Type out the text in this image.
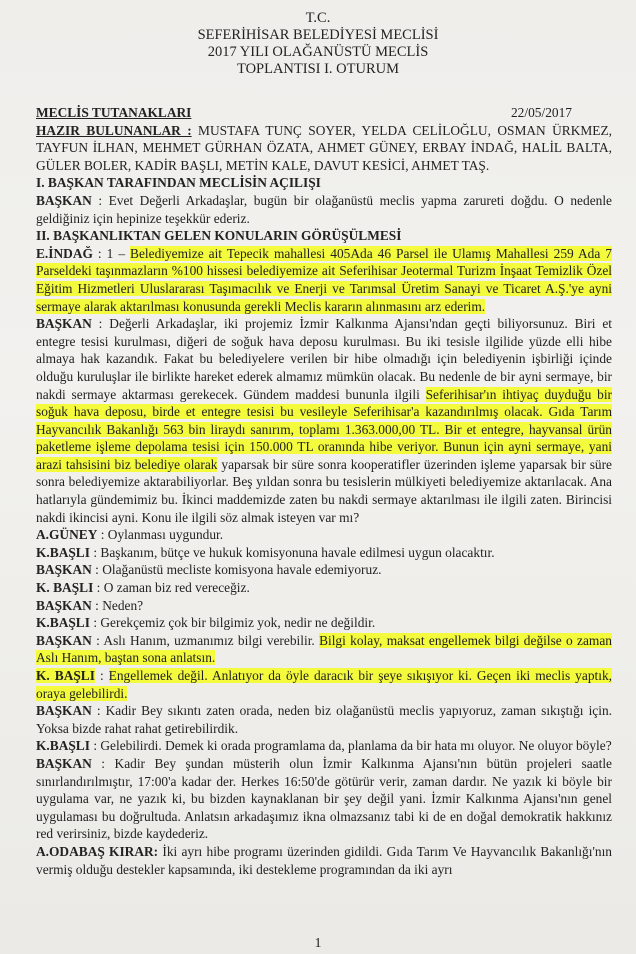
T.C.
SEFERİHİSAR BELEDİYESİ MECLİSİ
2017 YILI OLAĞANÜSTÜ MECLİS
TOPLANTISI I. OTURUM
MECLİS TUTANAKLARI	22/05/2017

HAZIR BULUNANLAR : MUSTAFA TUNÇ SOYER, YELDA CELİLOĞLU, OSMAN ÜRKMEZ, TAYFUN İLHAN, MEHMET GÜRHAN ÖZATA, AHMET GÜNEY, ERBAY İNDAĞ, HALİL BALTA, GÜLER BOLER, KADİR BAŞLI, METİN KALE, DAVUT KESİCİ, AHMET TAŞ.

I. BAŞKAN TARAFINDAN MECLİSİN AÇILIŞI

BAŞKAN : Evet Değerli Arkadaşlar, bugün bir olağanüstü meclis yapma zarureti doğdu. O nedenle geldiğiniz için hepinize teşekkür ederiz.

II. BAŞKANLIKTAN GELEN KONULARIN GÖRÜŞÜLMESİ

E.İNDAĞ : 1 – Belediyemize ait Tepecik mahallesi 405Ada 46 Parsel ile Ulamış Mahallesi 259 Ada 7 Parseldeki taşınmazların %100 hissesi belediyemize ait Seferihisar Jeotermal Turizm İnşaat Temizlik Özel Eğitim Hizmetleri Uluslararası Taşımacılık ve Enerji ve Tarımsal Üretim Sanayi ve Ticaret A.Ş.'ye ayni sermaye alarak aktarılması konusunda gerekli Meclis kararın alınmasını arz ederim.

BAŞKAN : Değerli Arkadaşlar, iki projemiz İzmir Kalkınma Ajansı'ndan geçti biliyorsunuz. Biri et entegre tesisi kurulması, diğeri de soğuk hava deposu kurulması. Bu iki tesisle ilgilide yüzde elli hibe almaya hak kazandık. Fakat bu belediyelere verilen bir hibe olmadığı için belediyenin işbirliği içinde olduğu kuruluşlar ile birlikte hareket ederek almamız mümkün olacak. Bu nedenle de bir ayni sermaye, bir nakdi sermaye aktarması gerekecek. Gündem maddesi bununla ilgili Seferihisar'ın ihtiyaç duyduğu bir soğuk hava deposu, birde et entegre tesisi bu vesileyle Seferihisar'a kazandırılmış olacak. Gıda Tarım Hayvancılık Bakanlığı 563 bin liraydı sanırım, toplamı 1.363.000,00 TL. Bir et entegre, hayvansal ürün paketleme işleme depolama tesisi için 150.000 TL oranında hibe veriyor. Bunun için ayni sermaye, yani arazi tahsisini biz belediye olarak yaparsak bir süre sonra kooperatifler üzerinden işleme yaparsak bir süre sonra belediyemize aktarabiliyorlar. Beş yıldan sonra bu tesislerin mülkiyeti belediyemize aktarılacak. Ana hatlarıyla gündemimiz bu. İkinci maddemizde zaten bu nakdi sermaye aktarılması ile ilgili zaten. Birincisi nakdi ikincisi ayni. Konu ile ilgili söz almak isteyen var mı?

A.GÜNEY : Oylanması uygundur.

K.BAŞLI : Başkanım, bütçe ve hukuk komisyonuna havale edilmesi uygun olacaktır.

BAŞKAN : Olağanüstü mecliste komisyona havale edemiyoruz.

K. BAŞLI : O zaman biz red vereceğiz.

BAŞKAN : Neden?

K.BAŞLI : Gerekçemiz çok bir bilgimiz yok, nedir ne değildir.

BAŞKAN : Aslı Hanım, uzmanımız bilgi verebilir. Bilgi kolay, maksat engellemek bilgi değilse o zaman Aslı Hanım, baştan sona anlatsın.

K. BAŞLI : Engellemek değil. Anlatıyor da öyle daracık bir şeye sıkışıyor ki. Geçen iki meclis yaptık, oraya gelebilirdi.

BAŞKAN : Kadir Bey sıkıntı zaten orada, neden biz olağanüstü meclis yapıyoruz, zaman sıkıştığı için. Yoksa bizde rahat rahat getirebilirdik.

K.BAŞLI : Gelebilirdi. Demek ki orada programlama da, planlama da bir hata mı oluyor. Ne oluyor böyle?

BAŞKAN : Kadir Bey şundan müsterih olun İzmir Kalkınma Ajansı'nın bütün projeleri saatle sınırlandırılmıştır, 17:00'a kadar der. Herkes 16:50'de götürür verir, zaman dardır. Ne yazık ki böyle bir uygulama var, ne yazık ki, bu bizden kaynaklanan bir şey değil yani. İzmir Kalkınma Ajansı'nın genel uygulaması bu doğrultuda. Anlatsın arkadaşımız ikna olmazsanız tabi ki de en doğal demokratik hakkınız red verirsiniz, bizde kaydederiz.

A.ODABAŞ KIRAR: İki ayrı hibe programı üzerinden gidildi. Gıda Tarım Ve Hayvancılık Bakanlığı'nın vermiş olduğu destekler kapsamında, iki destekleme programından da iki ayrı

1
